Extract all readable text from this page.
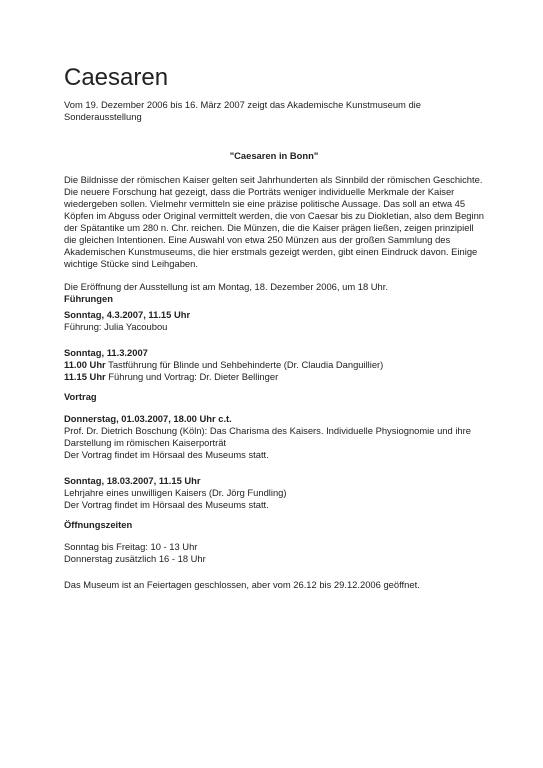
Caesaren

Vom 19. Dezember 2006 bis 16. März 2007 zeigt das Akademische Kunstmuseum die Sonderausstellung

"Caesaren in Bonn"

Die Bildnisse der römischen Kaiser gelten seit Jahrhunderten als Sinnbild der römischen Geschichte. Die neuere Forschung hat gezeigt, dass die Porträts weniger individuelle Merkmale der Kaiser wiedergeben sollen. Vielmehr vermitteln sie eine präzise politische Aussage. Das soll an etwa 45 Köpfen im Abguss oder Original vermittelt werden, die von Caesar bis zu Diokletian, also dem Beginn der Spätantike um 280 n. Chr. reichen. Die Münzen, die die Kaiser prägen ließen, zeigen prinzipiell die gleichen Intentionen. Eine Auswahl von etwa 250 Münzen aus der großen Sammlung des Akademischen Kunstmuseums, die hier erstmals gezeigt werden, gibt einen Eindruck davon. Einige wichtige Stücke sind Leihgaben.

Die Eröffnung der Ausstellung ist am Montag, 18. Dezember 2006, um 18 Uhr.

Führungen

Sonntag, 4.3.2007, 11.15 Uhr

Führung: Julia Yacoubou

Sonntag, 11.3.2007

11.00 Uhr Tastführung für Blinde und Sehbehinderte (Dr. Claudia Danguillier)

11.15 Uhr Führung und Vortrag: Dr. Dieter Bellinger

Vortrag

Donnerstag, 01.03.2007, 18.00 Uhr c.t.

Prof. Dr. Dietrich Boschung (Köln): Das Charisma des Kaisers. Individuelle Physiognomie und ihre Darstellung im römischen Kaiserporträt

Der Vortrag findet im Hörsaal des Museums statt.

Sonntag, 18.03.2007, 11.15 Uhr

Lehrjahre eines unwilligen Kaisers (Dr. Jörg Fundling)

Der Vortrag findet im Hörsaal des Museums statt.

Öffnungszeiten

Sonntag bis Freitag: 10 - 13 Uhr

Donnerstag zusätzlich 16 - 18 Uhr

Das Museum ist an Feiertagen geschlossen, aber vom 26.12 bis 29.12.2006 geöffnet.
